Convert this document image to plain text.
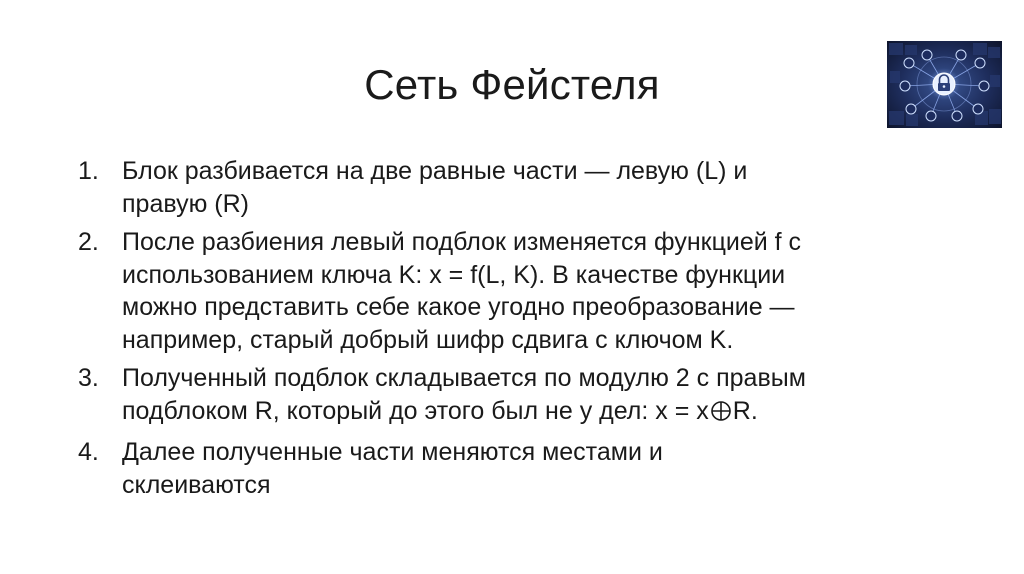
Сеть Фейстеля
1. Блок разбивается на две равные части — левую (L) и
правую (R)
2. После разбиения левый подблок изменяется функцией f с
использованием ключа K: x = f(L, K). В качестве функции
можно представить себе какое угодно преобразование —
например, старый добрый шифр сдвига с ключом K.
3. Полученный подблок складывается по модулю 2 с правым
подблоком R, который до этого был не у дел: x = x R.
4. Далее полученные части меняются местами и
склеиваются
